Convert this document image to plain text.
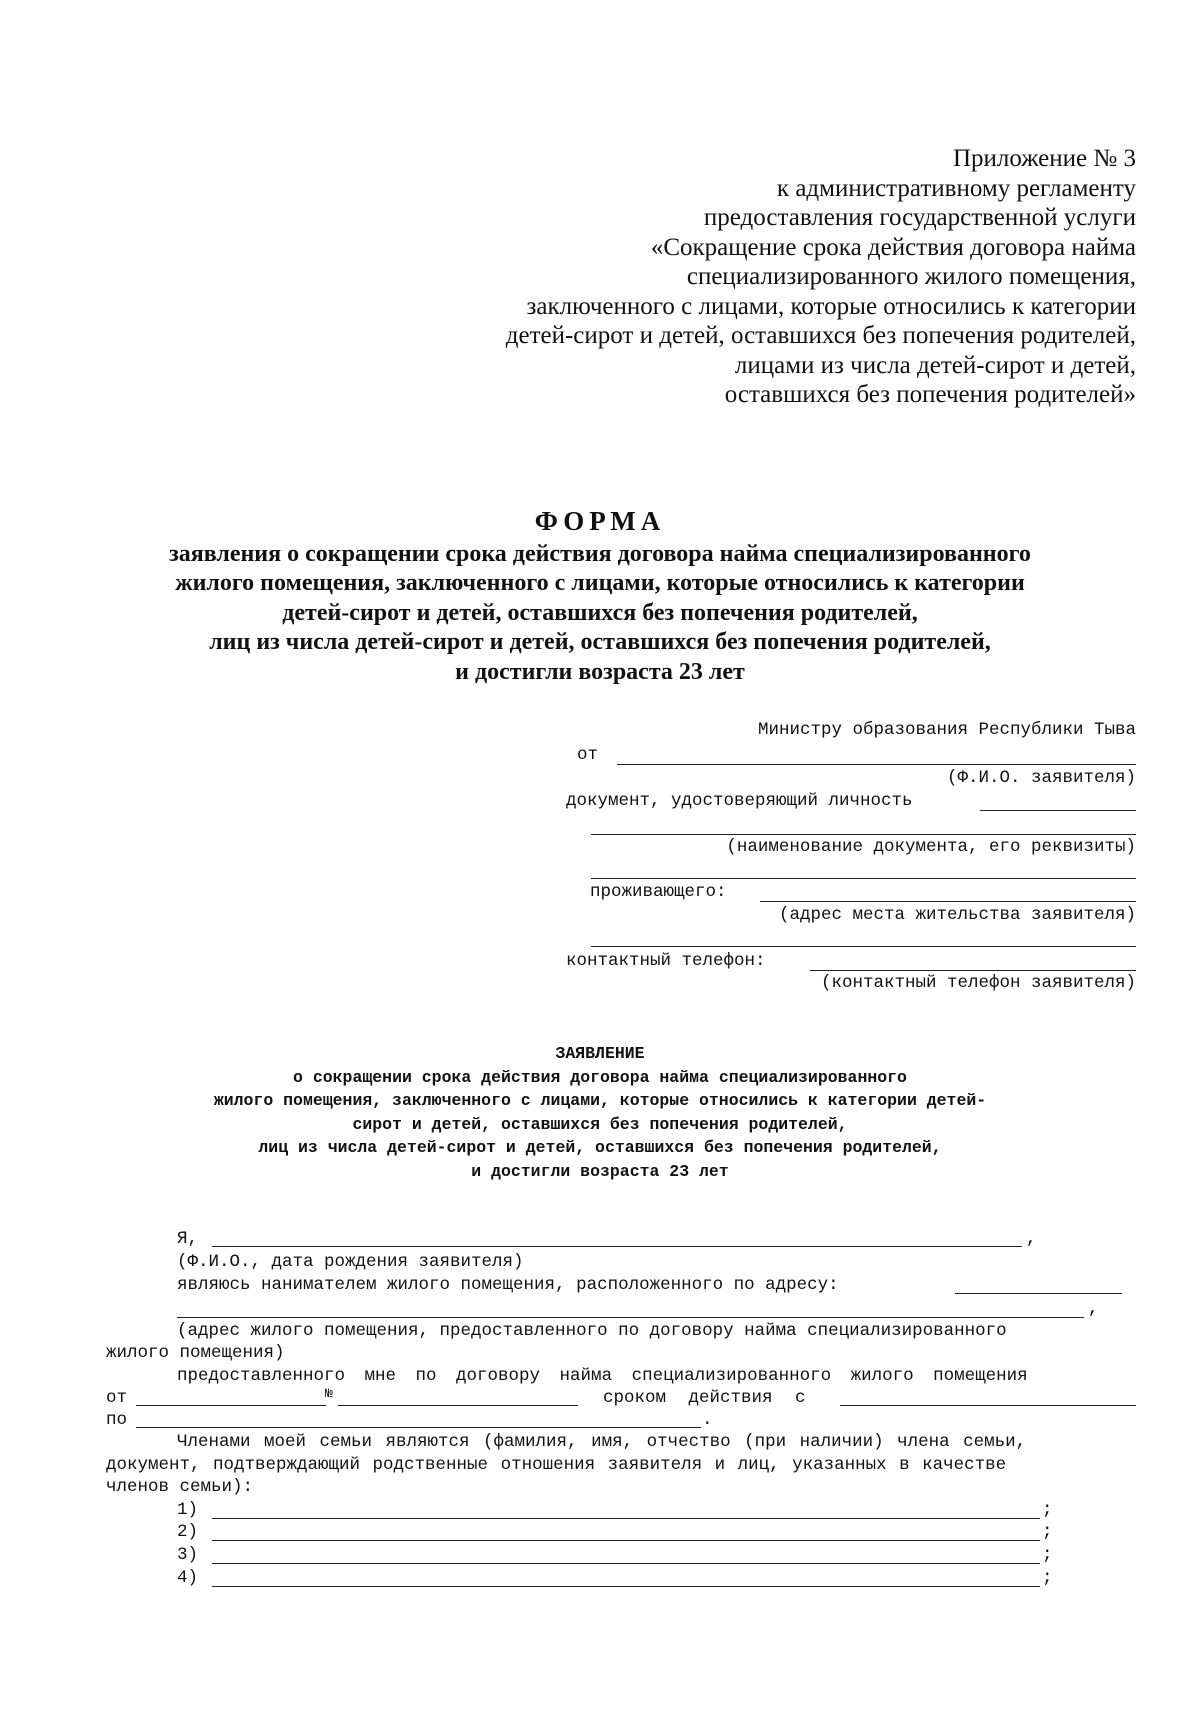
Приложение № 3
к административному регламенту
предоставления государственной услуги
«Сокращение срока действия договора найма
специализированного жилого помещения,
заключенного с лицами, которые относились к категории
детей-сирот и детей, оставшихся без попечения родителей,
лицами из числа детей-сирот и детей,
оставшихся без попечения родителей»
ФОРМА
заявления о сокращении срока действия договора найма специализированного
жилого помещения, заключенного с лицами, которые относились к категории
детей-сирот и детей, оставшихся без попечения родителей,
лиц из числа детей-сирот и детей, оставшихся без попечения родителей,
и достигли возраста 23 лет
Министру образования Республики Тыва
от
(Ф.И.О. заявителя)
документ, удостоверяющий личность
(наименование документа, его реквизиты)
проживающего:
(адрес места жительства заявителя)
контактный телефон:
(контактный телефон заявителя)
ЗАЯВЛЕНИЕ
о сокращении срока действия договора найма специализированного
жилого помещения, заключенного с лицами, которые относились к категории детей-
сирот и детей, оставшихся без попечения родителей,
лиц из числа детей-сирот и детей, оставшихся без попечения родителей,
и достигли возраста 23 лет
Я,	,
(Ф.И.О., дата рождения заявителя)
являюсь нанимателем жилого помещения, расположенного по адресу:
,
(адрес жилого помещения, предоставленного по договору найма специализированного
жилого помещения)
предоставленного мне по договору найма специализированного жилого помещения
от	№	сроком действия с
по	.
Членами моей семьи являются (фамилия, имя, отчество (при наличии) члена семьи,
документ, подтверждающий родственные отношения заявителя и лиц, указанных в качестве
членов семьи):
1)	;
2)	;
3)	;
4)	;
